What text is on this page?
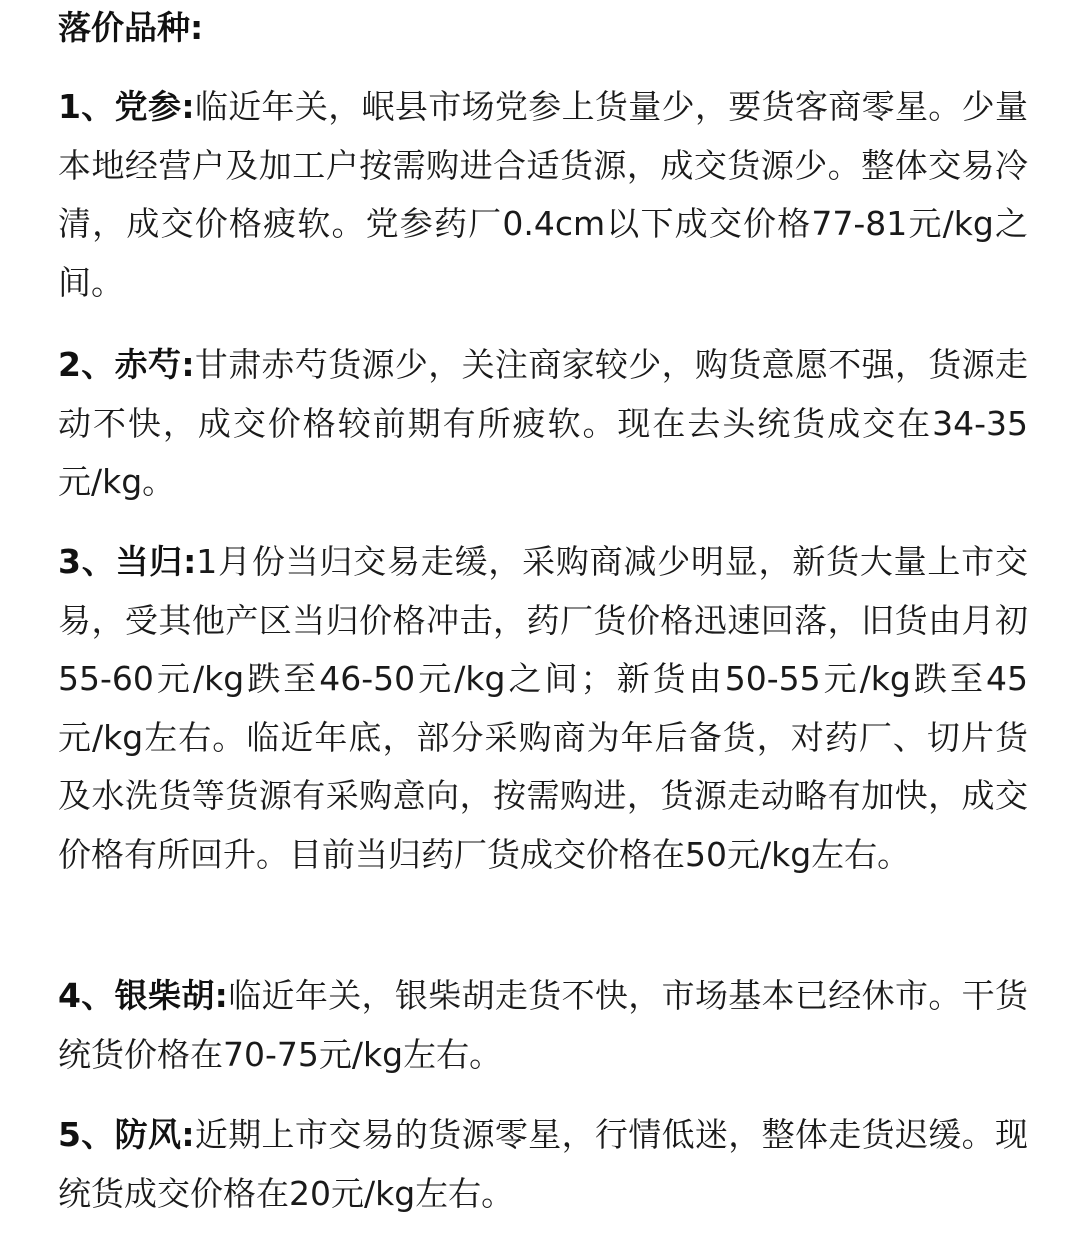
落价品种:
1、党参:临近年关，岷县市场党参上货量少，要货客商零星。少量本地经营户及加工户按需购进合适货源，成交货源少。整体交易冷清，成交价格疲软。党参药厂0.4cm以下成交价格77-81元/kg之间。
2、赤芍:甘肃赤芍货源少，关注商家较少，购货意愿不强，货源走动不快，成交价格较前期有所疲软。现在去头统货成交在34-35元/kg。
3、当归:1月份当归交易走缓，采购商减少明显，新货大量上市交易，受其他产区当归价格冲击，药厂货价格迅速回落，旧货由月初55-60元/kg跌至46-50元/kg之间；新货由50-55元/kg跌至45元/kg左右。临近年底，部分采购商为年后备货，对药厂、切片货及水洗货等货源有采购意向，按需购进，货源走动略有加快，成交价格有所回升。目前当归药厂货成交价格在50元/kg左右。
4、银柴胡:临近年关，银柴胡走货不快，市场基本已经休市。干货统货价格在70-75元/kg左右。
5、防风:近期上市交易的货源零星，行情低迷，整体走货迟缓。现统货成交价格在20元/kg左右。
